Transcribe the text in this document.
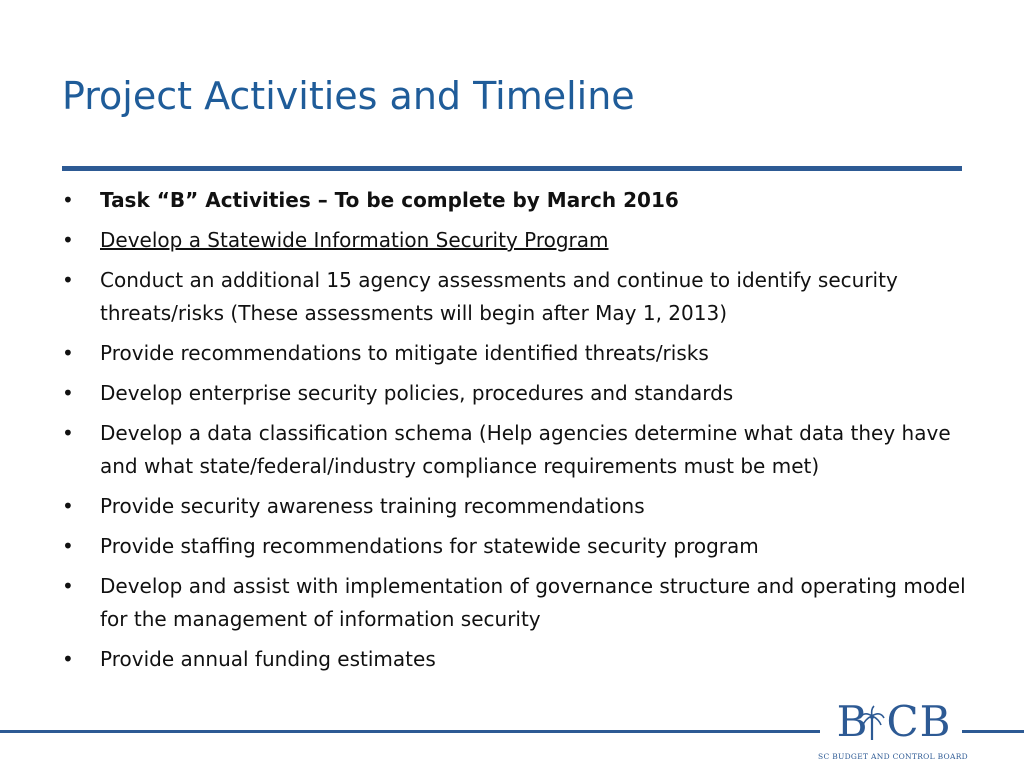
Project Activities and Timeline
• Task “B” Activities – To be complete by March 2016
• Develop a Statewide Information Security Program
• Conduct an additional 15 agency assessments and continue to identify security threats/risks (These assessments will begin after May 1, 2013)
• Provide recommendations to mitigate identified threats/risks
• Develop enterprise security policies, procedures and standards
• Develop a data classification schema (Help agencies determine what data they have and what state/federal/industry compliance requirements must be met)
• Provide security awareness training recommendations
• Provide staffing recommendations for statewide security program
• Develop and assist with implementation of governance structure and operating model for the management of information security
• Provide annual funding estimates
B CB
SC BUDGET AND CONTROL BOARD
